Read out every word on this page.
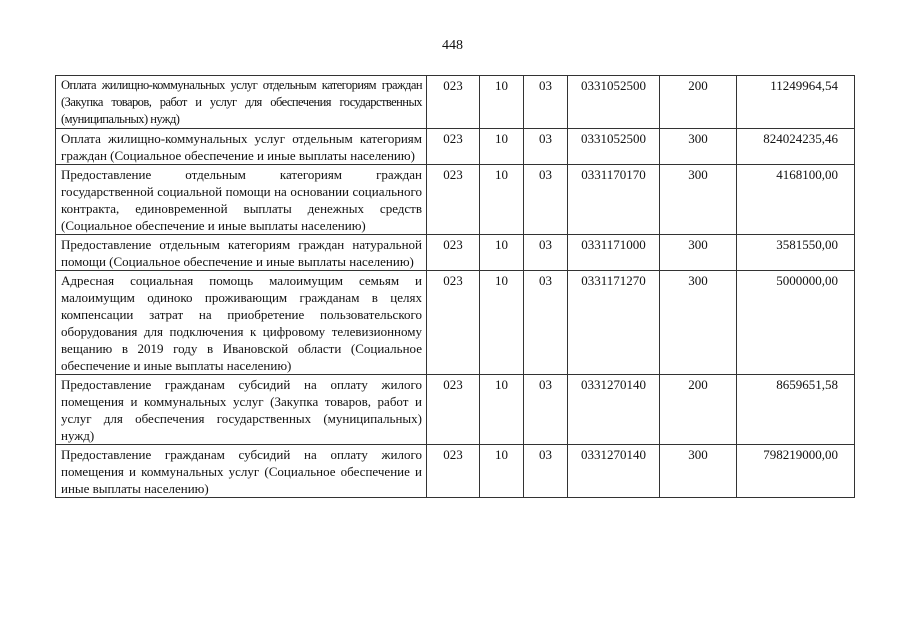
448
Оплата жилищно-коммунальных услуг отдельным категориям граждан (Закупка товаров, работ и услуг для обеспечения государственных (муниципальных) нужд)	023	10	03	0331052500	200	11249964,54
Оплата жилищно-коммунальных услуг отдельным категориям граждан (Социальное обеспечение и иные выплаты населению)	023	10	03	0331052500	300	824024235,46
Предоставление отдельным категориям граждан государственной социальной помощи на основании социального контракта, единовременной выплаты денежных средств (Социальное обеспечение и иные выплаты населению)	023	10	03	0331170170	300	4168100,00
Предоставление отдельным категориям граждан натуральной помощи (Социальное обеспечение и иные выплаты населению)	023	10	03	0331171000	300	3581550,00
Адресная социальная помощь малоимущим семьям и малоимущим одиноко проживающим гражданам в целях компенсации затрат на приобретение пользовательского оборудования для подключения к цифровому телевизионному вещанию в 2019 году в Ивановской области (Социальное обеспечение и иные выплаты населению)	023	10	03	0331171270	300	5000000,00
Предоставление гражданам субсидий на оплату жилого помещения и коммунальных услуг (Закупка товаров, работ и услуг для обеспечения государственных (муниципальных) нужд)	023	10	03	0331270140	200	8659651,58
Предоставление гражданам субсидий на оплату жилого помещения и коммунальных услуг (Социальное обеспечение и иные выплаты населению)	023	10	03	0331270140	300	798219000,00
